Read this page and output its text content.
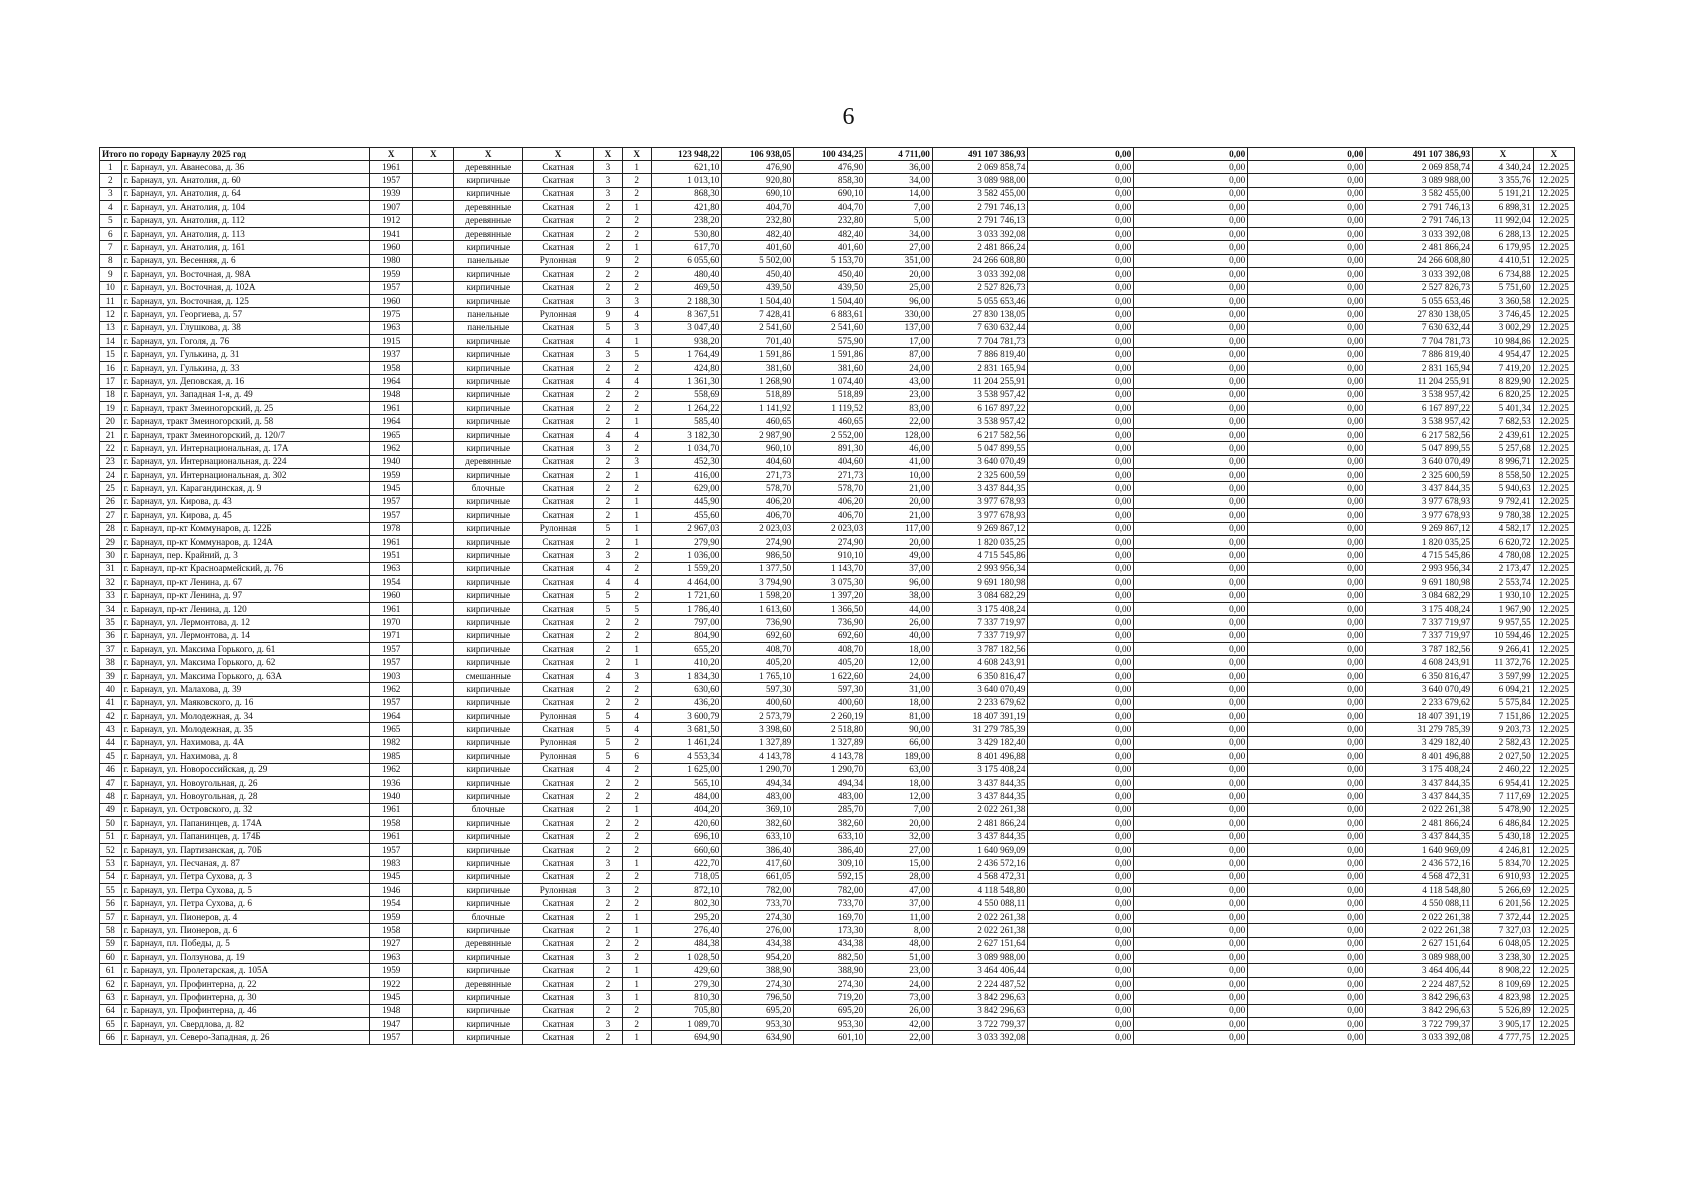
6
Итого по городу Барнаулу 2025 год		X	X	X	X	X	X	123 948,22	106 938,05	100 434,25	4 711,00	491 107 386,93	0,00	0,00	0,00	491 107 386,93	X	X
1	г. Барнаул, ул. Аванесова, д. 36	1961		деревянные	Скатная	3	1	621,10	476,90	476,90	36,00	2 069 858,74	0,00	0,00	0,00	2 069 858,74	4 340,24	12.2025
2	г. Барнаул, ул. Анатолия, д. 60	1957		кирпичные	Скатная	3	2	1 013,10	920,80	858,30	34,00	3 089 988,00	0,00	0,00	0,00	3 089 988,00	3 355,76	12.2025
3	г. Барнаул, ул. Анатолия, д. 64	1939		кирпичные	Скатная	3	2	868,30	690,10	690,10	14,00	3 582 455,00	0,00	0,00	0,00	3 582 455,00	5 191,21	12.2025
4	г. Барнаул, ул. Анатолия, д. 104	1907		деревянные	Скатная	2	1	421,80	404,70	404,70	7,00	2 791 746,13	0,00	0,00	0,00	2 791 746,13	6 898,31	12.2025
5	г. Барнаул, ул. Анатолия, д. 112	1912		деревянные	Скатная	2	2	238,20	232,80	232,80	5,00	2 791 746,13	0,00	0,00	0,00	2 791 746,13	11 992,04	12.2025
6	г. Барнаул, ул. Анатолия, д. 113	1941		деревянные	Скатная	2	2	530,80	482,40	482,40	34,00	3 033 392,08	0,00	0,00	0,00	3 033 392,08	6 288,13	12.2025
7	г. Барнаул, ул. Анатолия, д. 161	1960		кирпичные	Скатная	2	1	617,70	401,60	401,60	27,00	2 481 866,24	0,00	0,00	0,00	2 481 866,24	6 179,95	12.2025
8	г. Барнаул, ул. Весенняя, д. 6	1980		панельные	Рулонная	9	2	6 055,60	5 502,00	5 153,70	351,00	24 266 608,80	0,00	0,00	0,00	24 266 608,80	4 410,51	12.2025
9	г. Барнаул, ул. Восточная, д. 98А	1959		кирпичные	Скатная	2	2	480,40	450,40	450,40	20,00	3 033 392,08	0,00	0,00	0,00	3 033 392,08	6 734,88	12.2025
10	г. Барнаул, ул. Восточная, д. 102А	1957		кирпичные	Скатная	2	2	469,50	439,50	439,50	25,00	2 527 826,73	0,00	0,00	0,00	2 527 826,73	5 751,60	12.2025
11	г. Барнаул, ул. Восточная, д. 125	1960		кирпичные	Скатная	3	3	2 188,30	1 504,40	1 504,40	96,00	5 055 653,46	0,00	0,00	0,00	5 055 653,46	3 360,58	12.2025
12	г. Барнаул, ул. Георгиева, д. 57	1975		панельные	Рулонная	9	4	8 367,51	7 428,41	6 883,61	330,00	27 830 138,05	0,00	0,00	0,00	27 830 138,05	3 746,45	12.2025
13	г. Барнаул, ул. Глушкова, д. 38	1963		панельные	Скатная	5	3	3 047,40	2 541,60	2 541,60	137,00	7 630 632,44	0,00	0,00	0,00	7 630 632,44	3 002,29	12.2025
14	г. Барнаул, ул. Гоголя, д. 76	1915		кирпичные	Скатная	4	1	938,20	701,40	575,90	17,00	7 704 781,73	0,00	0,00	0,00	7 704 781,73	10 984,86	12.2025
15	г. Барнаул, ул. Гулькина, д. 31	1937		кирпичные	Скатная	3	5	1 764,49	1 591,86	1 591,86	87,00	7 886 819,40	0,00	0,00	0,00	7 886 819,40	4 954,47	12.2025
16	г. Барнаул, ул. Гулькина, д. 33	1958		кирпичные	Скатная	2	2	424,80	381,60	381,60	24,00	2 831 165,94	0,00	0,00	0,00	2 831 165,94	7 419,20	12.2025
17	г. Барнаул, ул. Деповская, д. 16	1964		кирпичные	Скатная	4	4	1 361,30	1 268,90	1 074,40	43,00	11 204 255,91	0,00	0,00	0,00	11 204 255,91	8 829,90	12.2025
18	г. Барнаул, ул. Западная 1-я, д. 49	1948		кирпичные	Скатная	2	2	558,69	518,89	518,89	23,00	3 538 957,42	0,00	0,00	0,00	3 538 957,42	6 820,25	12.2025
19	г. Барнаул, тракт Змеиногорский, д. 25	1961		кирпичные	Скатная	2	2	1 264,22	1 141,92	1 119,52	83,00	6 167 897,22	0,00	0,00	0,00	6 167 897,22	5 401,34	12.2025
20	г. Барнаул, тракт Змеиногорский, д. 58	1964		кирпичные	Скатная	2	1	585,40	460,65	460,65	22,00	3 538 957,42	0,00	0,00	0,00	3 538 957,42	7 682,53	12.2025
21	г. Барнаул, тракт Змеиногорский, д. 120/7	1965		кирпичные	Скатная	4	4	3 182,30	2 987,90	2 552,00	128,00	6 217 582,56	0,00	0,00	0,00	6 217 582,56	2 439,61	12.2025
22	г. Барнаул, ул. Интернациональная, д. 17А	1962		кирпичные	Скатная	3	2	1 034,70	960,10	891,30	46,00	5 047 899,55	0,00	0,00	0,00	5 047 899,55	5 257,68	12.2025
23	г. Барнаул, ул. Интернациональная, д. 224	1940		деревянные	Скатная	2	3	452,30	404,60	404,60	41,00	3 640 070,49	0,00	0,00	0,00	3 640 070,49	8 996,71	12.2025
24	г. Барнаул, ул. Интернациональная, д. 302	1959		кирпичные	Скатная	2	1	416,00	271,73	271,73	10,00	2 325 600,59	0,00	0,00	0,00	2 325 600,59	8 558,50	12.2025
25	г. Барнаул, ул. Карагандинская, д. 9	1945		блочные	Скатная	2	2	629,00	578,70	578,70	21,00	3 437 844,35	0,00	0,00	0,00	3 437 844,35	5 940,63	12.2025
26	г. Барнаул, ул. Кирова, д. 43	1957		кирпичные	Скатная	2	1	445,90	406,20	406,20	20,00	3 977 678,93	0,00	0,00	0,00	3 977 678,93	9 792,41	12.2025
27	г. Барнаул, ул. Кирова, д. 45	1957		кирпичные	Скатная	2	1	455,60	406,70	406,70	21,00	3 977 678,93	0,00	0,00	0,00	3 977 678,93	9 780,38	12.2025
28	г. Барнаул, пр-кт Коммунаров, д. 122Б	1978		кирпичные	Рулонная	5	1	2 967,03	2 023,03	2 023,03	117,00	9 269 867,12	0,00	0,00	0,00	9 269 867,12	4 582,17	12.2025
29	г. Барнаул, пр-кт Коммунаров, д. 124А	1961		кирпичные	Скатная	2	1	279,90	274,90	274,90	20,00	1 820 035,25	0,00	0,00	0,00	1 820 035,25	6 620,72	12.2025
30	г. Барнаул, пер. Крайний, д. 3	1951		кирпичные	Скатная	3	2	1 036,00	986,50	910,10	49,00	4 715 545,86	0,00	0,00	0,00	4 715 545,86	4 780,08	12.2025
31	г. Барнаул, пр-кт Красноармейский, д. 76	1963		кирпичные	Скатная	4	2	1 559,20	1 377,50	1 143,70	37,00	2 993 956,34	0,00	0,00	0,00	2 993 956,34	2 173,47	12.2025
32	г. Барнаул, пр-кт Ленина, д. 67	1954		кирпичные	Скатная	4	4	4 464,00	3 794,90	3 075,30	96,00	9 691 180,98	0,00	0,00	0,00	9 691 180,98	2 553,74	12.2025
33	г. Барнаул, пр-кт Ленина, д. 97	1960		кирпичные	Скатная	5	2	1 721,60	1 598,20	1 397,20	38,00	3 084 682,29	0,00	0,00	0,00	3 084 682,29	1 930,10	12.2025
34	г. Барнаул, пр-кт Ленина, д. 120	1961		кирпичные	Скатная	5	5	1 786,40	1 613,60	1 366,50	44,00	3 175 408,24	0,00	0,00	0,00	3 175 408,24	1 967,90	12.2025
35	г. Барнаул, ул. Лермонтова, д. 12	1970		кирпичные	Скатная	2	2	797,00	736,90	736,90	26,00	7 337 719,97	0,00	0,00	0,00	7 337 719,97	9 957,55	12.2025
36	г. Барнаул, ул. Лермонтова, д. 14	1971		кирпичные	Скатная	2	2	804,90	692,60	692,60	40,00	7 337 719,97	0,00	0,00	0,00	7 337 719,97	10 594,46	12.2025
37	г. Барнаул, ул. Максима Горького, д. 61	1957		кирпичные	Скатная	2	1	655,20	408,70	408,70	18,00	3 787 182,56	0,00	0,00	0,00	3 787 182,56	9 266,41	12.2025
38	г. Барнаул, ул. Максима Горького, д. 62	1957		кирпичные	Скатная	2	1	410,20	405,20	405,20	12,00	4 608 243,91	0,00	0,00	0,00	4 608 243,91	11 372,76	12.2025
39	г. Барнаул, ул. Максима Горького, д. 63А	1903		смешанные	Скатная	4	3	1 834,30	1 765,10	1 622,60	24,00	6 350 816,47	0,00	0,00	0,00	6 350 816,47	3 597,99	12.2025
40	г. Барнаул, ул. Малахова, д. 39	1962		кирпичные	Скатная	2	2	630,60	597,30	597,30	31,00	3 640 070,49	0,00	0,00	0,00	3 640 070,49	6 094,21	12.2025
41	г. Барнаул, ул. Маяковского, д. 16	1957		кирпичные	Скатная	2	2	436,20	400,60	400,60	18,00	2 233 679,62	0,00	0,00	0,00	2 233 679,62	5 575,84	12.2025
42	г. Барнаул, ул. Молодежная, д. 34	1964		кирпичные	Рулонная	5	4	3 600,79	2 573,79	2 260,19	81,00	18 407 391,19	0,00	0,00	0,00	18 407 391,19	7 151,86	12.2025
43	г. Барнаул, ул. Молодежная, д. 35	1965		кирпичные	Скатная	5	4	3 681,50	3 398,60	2 518,80	90,00	31 279 785,39	0,00	0,00	0,00	31 279 785,39	9 203,73	12.2025
44	г. Барнаул, ул. Нахимова, д. 4А	1982		кирпичные	Рулонная	5	2	1 461,24	1 327,89	1 327,89	66,00	3 429 182,40	0,00	0,00	0,00	3 429 182,40	2 582,43	12.2025
45	г. Барнаул, ул. Нахимова, д. 8	1985		кирпичные	Рулонная	5	6	4 553,34	4 143,78	4 143,78	189,00	8 401 496,88	0,00	0,00	0,00	8 401 496,88	2 027,50	12.2025
46	г. Барнаул, ул. Новороссийская, д. 29	1962		кирпичные	Скатная	4	2	1 625,00	1 290,70	1 290,70	63,00	3 175 408,24	0,00	0,00	0,00	3 175 408,24	2 460,22	12.2025
47	г. Барнаул, ул. Новоугольная, д. 26	1936		кирпичные	Скатная	2	2	565,10	494,34	494,34	18,00	3 437 844,35	0,00	0,00	0,00	3 437 844,35	6 954,41	12.2025
48	г. Барнаул, ул. Новоугольная, д. 28	1940		кирпичные	Скатная	2	2	484,00	483,00	483,00	12,00	3 437 844,35	0,00	0,00	0,00	3 437 844,35	7 117,69	12.2025
49	г. Барнаул, ул. Островского, д. 32	1961		блочные	Скатная	2	1	404,20	369,10	285,70	7,00	2 022 261,38	0,00	0,00	0,00	2 022 261,38	5 478,90	12.2025
50	г. Барнаул, ул. Папанинцев, д. 174А	1958		кирпичные	Скатная	2	2	420,60	382,60	382,60	20,00	2 481 866,24	0,00	0,00	0,00	2 481 866,24	6 486,84	12.2025
51	г. Барнаул, ул. Папанинцев, д. 174Б	1961		кирпичные	Скатная	2	2	696,10	633,10	633,10	32,00	3 437 844,35	0,00	0,00	0,00	3 437 844,35	5 430,18	12.2025
52	г. Барнаул, ул. Партизанская, д. 70Б	1957		кирпичные	Скатная	2	2	660,60	386,40	386,40	27,00	1 640 969,09	0,00	0,00	0,00	1 640 969,09	4 246,81	12.2025
53	г. Барнаул, ул. Песчаная, д. 87	1983		кирпичные	Скатная	3	1	422,70	417,60	309,10	15,00	2 436 572,16	0,00	0,00	0,00	2 436 572,16	5 834,70	12.2025
54	г. Барнаул, ул. Петра Сухова, д. 3	1945		кирпичные	Скатная	2	2	718,05	661,05	592,15	28,00	4 568 472,31	0,00	0,00	0,00	4 568 472,31	6 910,93	12.2025
55	г. Барнаул, ул. Петра Сухова, д. 5	1946		кирпичные	Рулонная	3	2	872,10	782,00	782,00	47,00	4 118 548,80	0,00	0,00	0,00	4 118 548,80	5 266,69	12.2025
56	г. Барнаул, ул. Петра Сухова, д. 6	1954		кирпичные	Скатная	2	2	802,30	733,70	733,70	37,00	4 550 088,11	0,00	0,00	0,00	4 550 088,11	6 201,56	12.2025
57	г. Барнаул, ул. Пионеров, д. 4	1959		блочные	Скатная	2	1	295,20	274,30	169,70	11,00	2 022 261,38	0,00	0,00	0,00	2 022 261,38	7 372,44	12.2025
58	г. Барнаул, ул. Пионеров, д. 6	1958		кирпичные	Скатная	2	1	276,40	276,00	173,30	8,00	2 022 261,38	0,00	0,00	0,00	2 022 261,38	7 327,03	12.2025
59	г. Барнаул, пл. Победы, д. 5	1927		деревянные	Скатная	2	2	484,38	434,38	434,38	48,00	2 627 151,64	0,00	0,00	0,00	2 627 151,64	6 048,05	12.2025
60	г. Барнаул, ул. Ползунова, д. 19	1963		кирпичные	Скатная	3	2	1 028,50	954,20	882,50	51,00	3 089 988,00	0,00	0,00	0,00	3 089 988,00	3 238,30	12.2025
61	г. Барнаул, ул. Пролетарская, д. 105А	1959		кирпичные	Скатная	2	1	429,60	388,90	388,90	23,00	3 464 406,44	0,00	0,00	0,00	3 464 406,44	8 908,22	12.2025
62	г. Барнаул, ул. Профинтерна, д. 22	1922		деревянные	Скатная	2	1	279,30	274,30	274,30	24,00	2 224 487,52	0,00	0,00	0,00	2 224 487,52	8 109,69	12.2025
63	г. Барнаул, ул. Профинтерна, д. 30	1945		кирпичные	Скатная	3	1	810,30	796,50	719,20	73,00	3 842 296,63	0,00	0,00	0,00	3 842 296,63	4 823,98	12.2025
64	г. Барнаул, ул. Профинтерна, д. 46	1948		кирпичные	Скатная	2	2	705,80	695,20	695,20	26,00	3 842 296,63	0,00	0,00	0,00	3 842 296,63	5 526,89	12.2025
65	г. Барнаул, ул. Свердлова, д. 82	1947		кирпичные	Скатная	3	2	1 089,70	953,30	953,30	42,00	3 722 799,37	0,00	0,00	0,00	3 722 799,37	3 905,17	12.2025
66	г. Барнаул, ул. Северо-Западная, д. 26	1957		кирпичные	Скатная	2	1	694,90	634,90	601,10	22,00	3 033 392,08	0,00	0,00	0,00	3 033 392,08	4 777,75	12.2025
